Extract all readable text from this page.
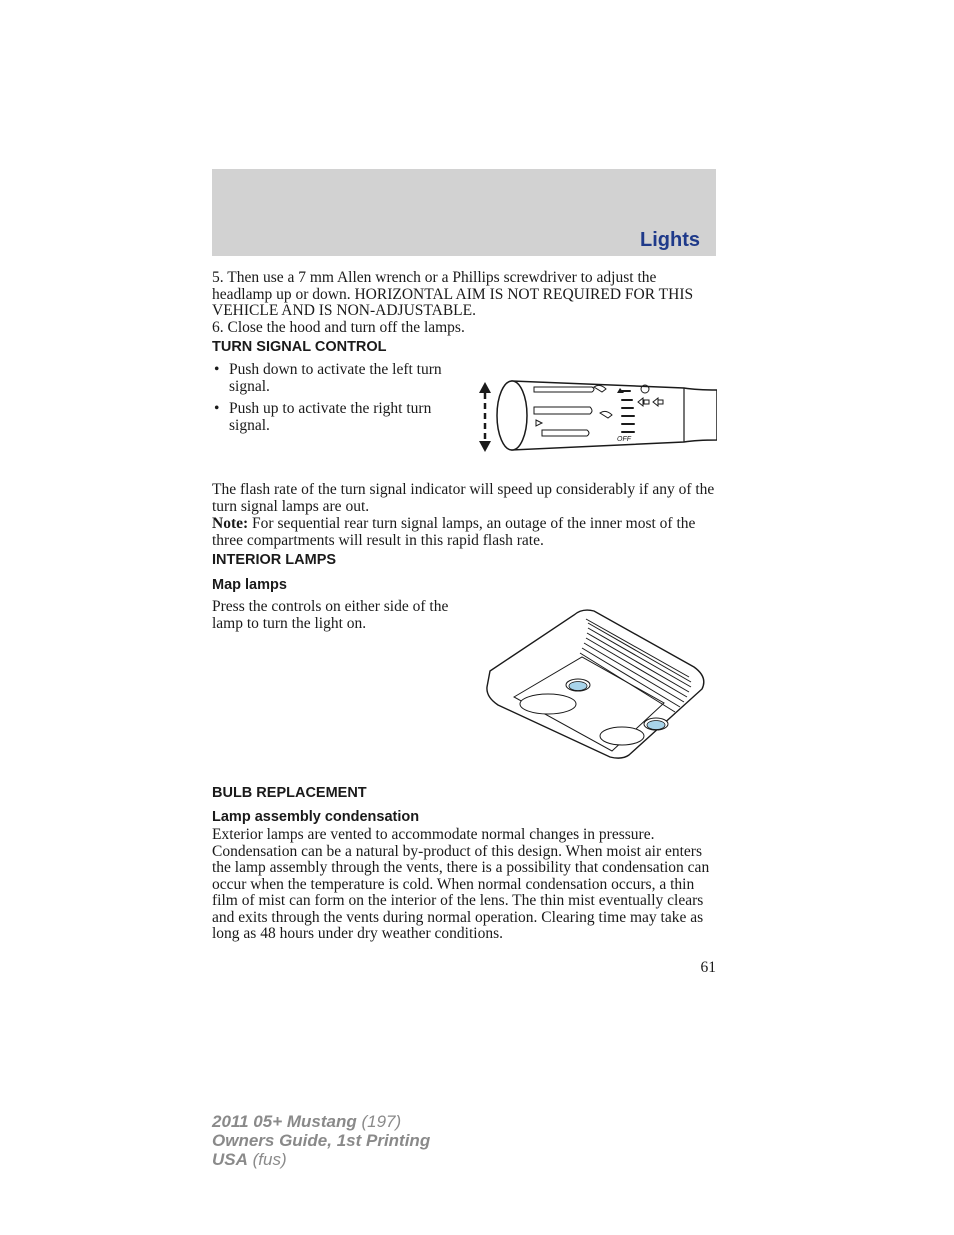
Lights

5. Then use a 7 mm Allen wrench or a Phillips screwdriver to adjust the headlamp up or down. HORIZONTAL AIM IS NOT REQUIRED FOR THIS VEHICLE AND IS NON-ADJUSTABLE.

6. Close the hood and turn off the lamps.

TURN SIGNAL CONTROL
• Push down to activate the left turn signal.
• Push up to activate the right turn signal.
OFF

The flash rate of the turn signal indicator will speed up considerably if any of the turn signal lamps are out.

Note: For sequential rear turn signal lamps, an outage of the inner most of the three compartments will result in this rapid flash rate.

INTERIOR LAMPS
Map lamps

Press the controls on either side of the lamp to turn the light on.

BULB REPLACEMENT
Lamp assembly condensation

Exterior lamps are vented to accommodate normal changes in pressure. Condensation can be a natural by-product of this design. When moist air enters the lamp assembly through the vents, there is a possibility that condensation can occur when the temperature is cold. When normal condensation occurs, a thin film of mist can form on the interior of the lens. The thin mist eventually clears and exits through the vents during normal operation. Clearing time may take as long as 48 hours under dry weather conditions.

61
2011 05+ Mustang (197)
Owners Guide, 1st Printing
USA (fus)
